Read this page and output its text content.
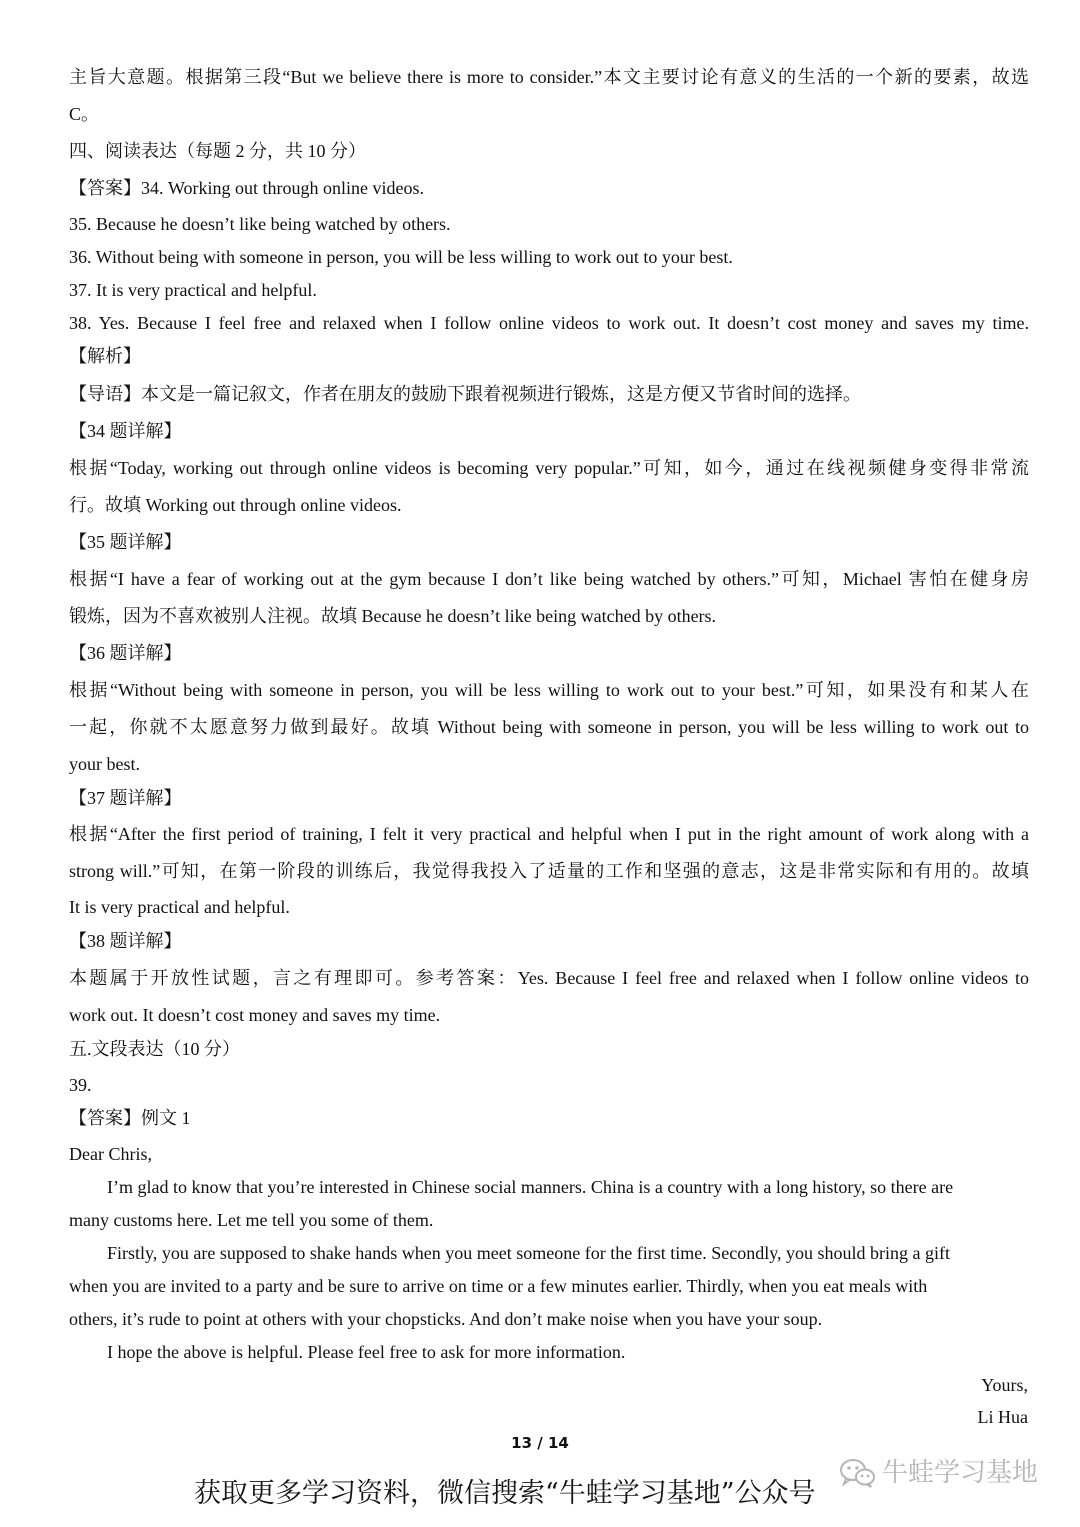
主旨大意题。根据第三段“But we believe there is more to consider.”本文主要讨论有意义的生活的一个新的要素，故选
C。
四、阅读表达（每题 2 分，共 10 分）
【答案】34. Working out through online videos.
35. Because he doesn’t like being watched by others.
36. Without being with someone in person, you will be less willing to work out to your best.
37. It is very practical and helpful.
38. Yes. Because I feel free and relaxed when I follow online videos to work out. It doesn’t cost money and saves my time.
【解析】
【导语】本文是一篇记叙文，作者在朋友的鼓励下跟着视频进行锻炼，这是方便又节省时间的选择。
【34 题详解】
根据“Today, working out through online videos is becoming very popular.”可知，如今，通过在线视频健身变得非常流
行。故填 Working out through online videos.
【35 题详解】
根据“I have a fear of working out at the gym because I don’t like being watched by others.”可知，Michael 害怕在健身房
锻炼，因为不喜欢被别人注视。故填 Because he doesn’t like being watched by others.
【36 题详解】
根据“Without being with someone in person, you will be less willing to work out to your best.”可知，如果没有和某人在
一起，你就不太愿意努力做到最好。故填 Without being with someone in person, you will be less willing to work out to
your best.
【37 题详解】
根据“After the first period of training, I felt it very practical and helpful when I put in the right amount of work along with a
strong will.”可知，在第一阶段的训练后，我觉得我投入了适量的工作和坚强的意志，这是非常实际和有用的。故填
It is very practical and helpful.
【38 题详解】
本题属于开放性试题，言之有理即可。参考答案：Yes. Because I feel free and relaxed when I follow online videos to
work out. It doesn’t cost money and saves my time.
五.文段表达（10 分）
39.
【答案】例文 1
Dear Chris,
I’m glad to know that you’re interested in Chinese social manners. China is a country with a long history, so there are
many customs here. Let me tell you some of them.
Firstly, you are supposed to shake hands when you meet someone for the first time. Secondly, you should bring a gift
when you are invited to a party and be sure to arrive on time or a few minutes earlier. Thirdly, when you eat meals with
others, it’s rude to point at others with your chopsticks. And don’t make noise when you have your soup.
I hope the above is helpful. Please feel free to ask for more information.
Yours,
Li Hua
13 / 14
获取更多学习资料，微信搜索“牛蛙学习基地”公众号
牛蛙学习基地
